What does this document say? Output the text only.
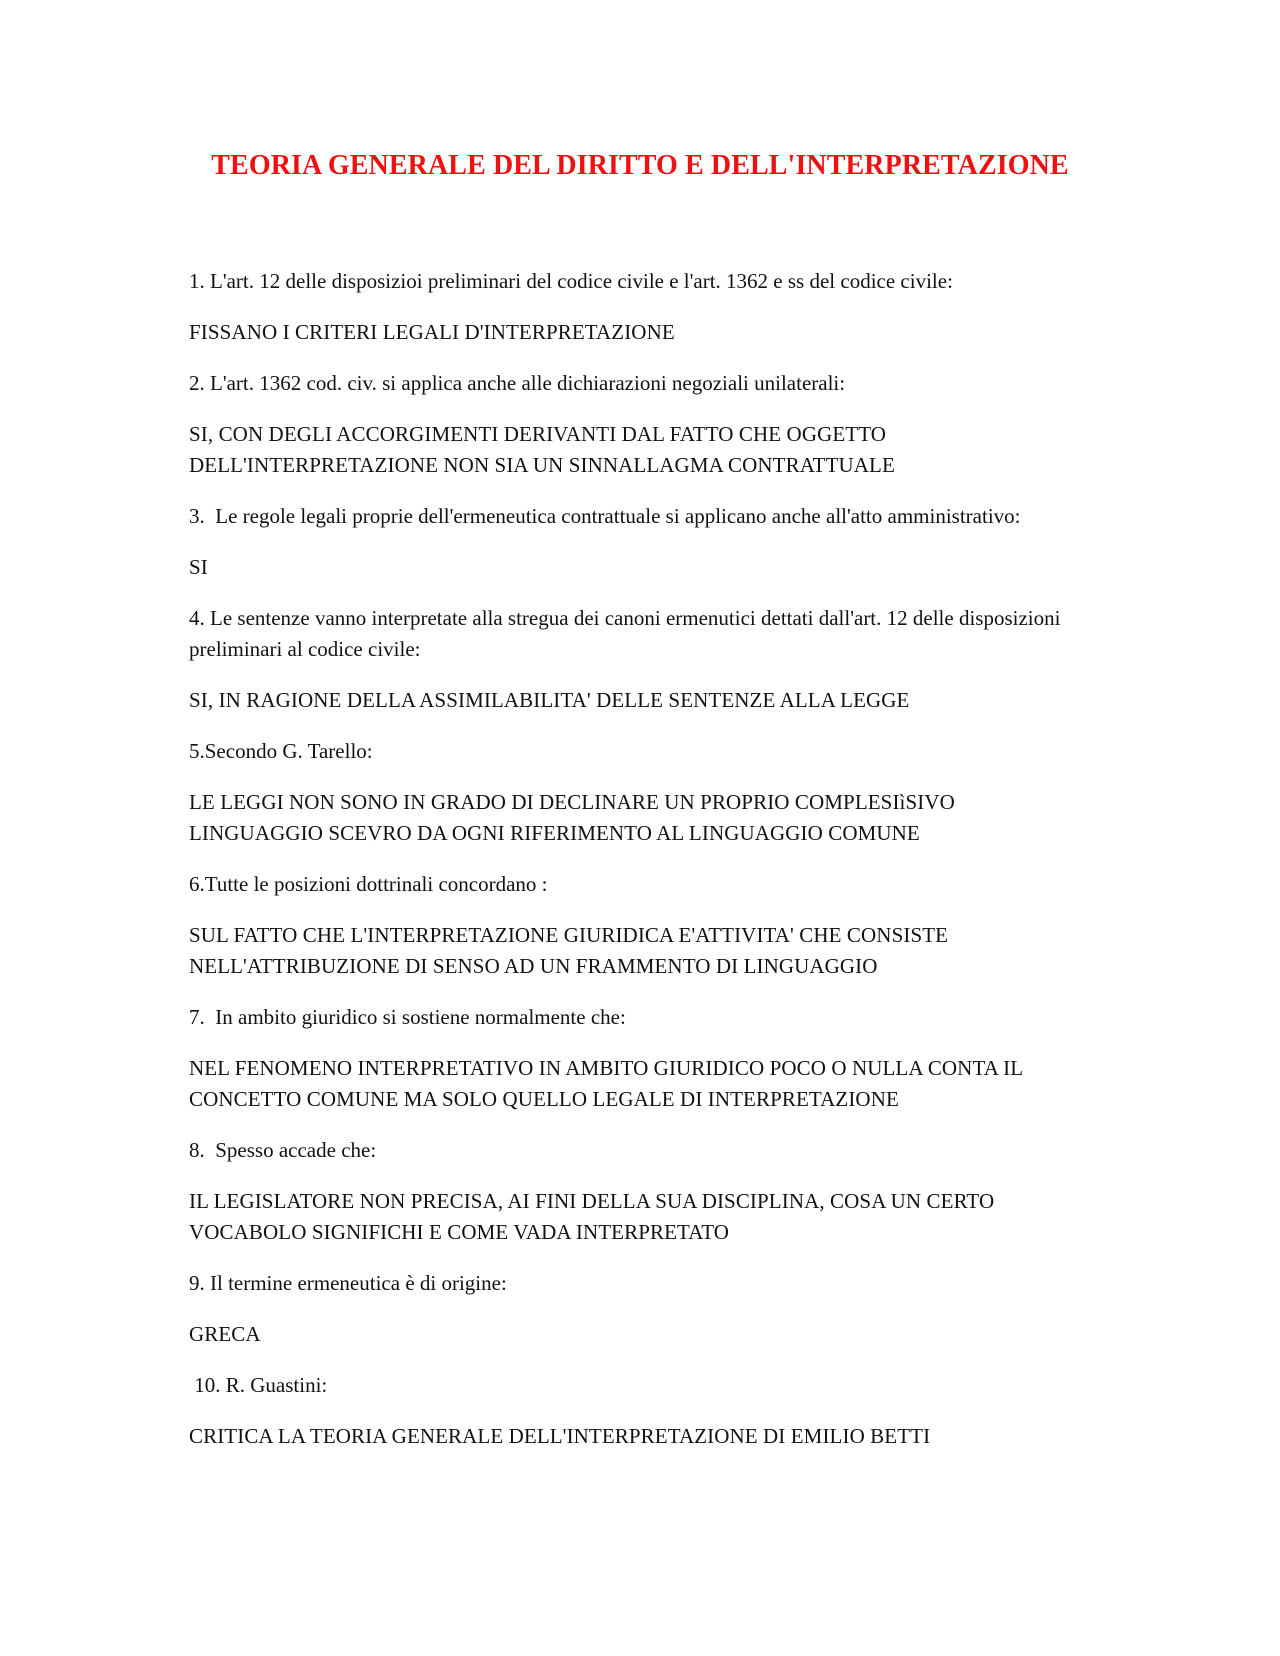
TEORIA GENERALE DEL DIRITTO E DELL'INTERPRETAZIONE

1. L'art. 12 delle disposizioi preliminari del codice civile e l'art. 1362 e ss del codice civile:

FISSANO I CRITERI LEGALI D'INTERPRETAZIONE

2. L'art. 1362 cod. civ. si applica anche alle dichiarazioni negoziali unilaterali:

SI, CON DEGLI ACCORGIMENTI DERIVANTI DAL FATTO CHE OGGETTO DELL'INTERPRETAZIONE NON SIA UN SINNALLAGMA CONTRATTUALE

3.  Le regole legali proprie dell'ermeneutica contrattuale si applicano anche all'atto amministrativo:

SI

4. Le sentenze vanno interpretate alla stregua dei canoni ermenutici dettati dall'art. 12 delle disposizioni preliminari al codice civile:

SI, IN RAGIONE DELLA ASSIMILABILITA' DELLE SENTENZE ALLA LEGGE

5.Secondo G. Tarello:

LE LEGGI NON SONO IN GRADO DI DECLINARE UN PROPRIO COMPLESIìSIVO LINGUAGGIO SCEVRO DA OGNI RIFERIMENTO AL LINGUAGGIO COMUNE

6.Tutte le posizioni dottrinali concordano :

SUL FATTO CHE L'INTERPRETAZIONE GIURIDICA E'ATTIVITA' CHE CONSISTE NELL'ATTRIBUZIONE DI SENSO AD UN FRAMMENTO DI LINGUAGGIO

7.  In ambito giuridico si sostiene normalmente che:

NEL FENOMENO INTERPRETATIVO IN AMBITO GIURIDICO POCO O NULLA CONTA IL CONCETTO COMUNE MA SOLO QUELLO LEGALE DI INTERPRETAZIONE

8.  Spesso accade che:

IL LEGISLATORE NON PRECISA, AI FINI DELLA SUA DISCIPLINA, COSA UN CERTO VOCABOLO SIGNIFICHI E COME VADA INTERPRETATO

9. Il termine ermeneutica è di origine:

GRECA

10. R. Guastini:

CRITICA LA TEORIA GENERALE DELL'INTERPRETAZIONE DI EMILIO BETTI
